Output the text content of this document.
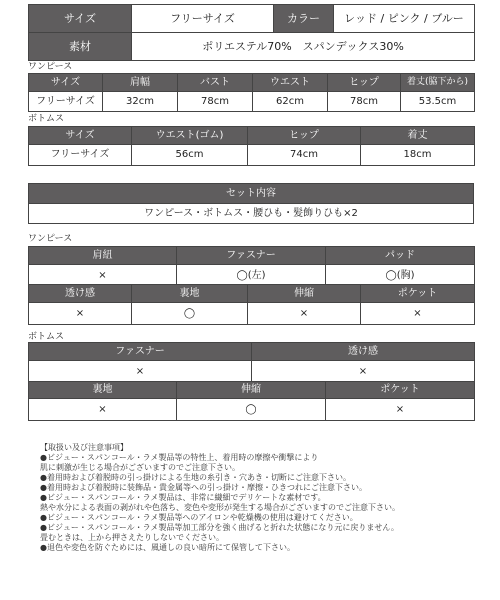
サイズ	フリーサイズ	カラー	レッド / ピンク / ブルー
素材	ポリエステル70%　スパンデックス30%		
ワンピース
サイズ	肩幅	バスト	ウエスト	ヒップ	着丈(脇下から)
フリーサイズ	32cm	78cm	62cm	78cm	53.5cm
ボトムス
サイズ	ウエスト(ゴム)	ヒップ	着丈
フリーサイズ	56cm	74cm	18cm
セット内容
ワンピース・ボトムス・腰ひも・髪飾りひも×2
ワンピース
肩紐	ファスナー	パッド
×	◯(左)	◯(胸)
透け感	裏地	伸縮	ポケット
×	◯	×	×
ボトムス
ファスナー	透け感
×	×
裏地	伸縮	ポケット
×	◯	×
【取扱い及び注意事項】
●ビジュー・スパンコール・ラメ製品等の特性上、着用時の摩擦や衝撃により
肌に刺激が生じる場合がございますのでご注意下さい。
●着用時および着脱時の引っ掛けによる生地の糸引き・穴あき・切断にご注意下さい。
●着用時および着脱時に装飾品・貴金属等への引っ掛け・摩擦・ひきつれにご注意下さい。
●ビジュー・スパンコール・ラメ製品は、非常に繊細でデリケートな素材です。
熱や水分による表面の剥がれや色落ち、変色や変形が発生する場合がございますのでご注意下さい。
●ビジュー・スパンコール・ラメ製品等へのアイロンや乾燥機の使用は避けてください。
●ビジュー・スパンコール・ラメ製品等加工部分を強く曲げると折れた状態になり元に戻りません。
畳むときは、上から押さえたりしないでください。
●退色や変色を防ぐためには、風通しの良い暗所にて保管して下さい。
